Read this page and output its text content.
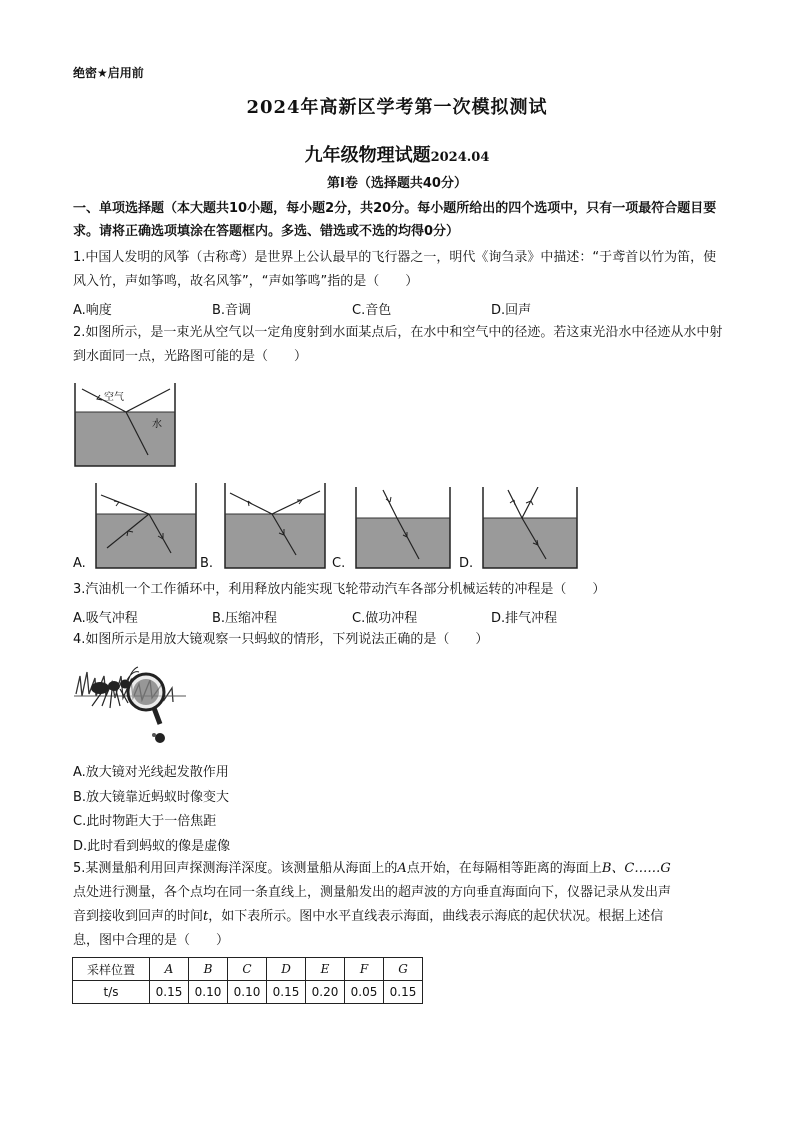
绝密★启用前
2024年高新区学考第一次模拟测试
九年级物理试题2024.04
第Ⅰ卷（选择题共40分）
一、单项选择题（本大题共10小题，每小题2分，共20分。每小题所给出的四个选项中，只有一项最符合题目要求。请将正确选项填涂在答题框内。多选、错选或不选的均得0分）
1.中国人发明的风筝（古称鸢）是世界上公认最早的飞行器之一，明代《询刍录》中描述：“于鸢首以竹为笛，使风入竹，声如筝鸣，故名风筝”，“声如筝鸣”指的是（　　）
A.响度	B.音调	C.音色	D.回声
2.如图所示，是一束光从空气以一定角度射到水面某点后，在水中和空气中的径迹。若这束光沿水中径迹从水中射到水面同一点，光路图可能的是（　　）
空气
水
A.	B.	C.	D.
3.汽油机一个工作循环中，利用释放内能实现飞轮带动汽车各部分机械运转的冲程是（　　）
A.吸气冲程	B.压缩冲程	C.做功冲程	D.排气冲程
4.如图所示是用放大镜观察一只蚂蚁的情形，下列说法正确的是（　　）
A.放大镜对光线起发散作用
B.放大镜靠近蚂蚁时像变大
C.此时物距大于一倍焦距
D.此时看到蚂蚁的像是虚像
5.某测量船利用回声探测海洋深度。该测量船从海面上的A点开始，在每隔相等距离的海面上B、C……G
点处进行测量，各个点均在同一条直线上，测量船发出的超声波的方向垂直海面向下，仪器记录从发出声
音到接收到回声的时间t，如下表所示。图中水平直线表示海面，曲线表示海底的起伏状况。根据上述信
息，图中合理的是（　　）
采样位置	A	B	C	D	E	F	G
t/s	0.15	0.10	0.10	0.15	0.20	0.05	0.15
